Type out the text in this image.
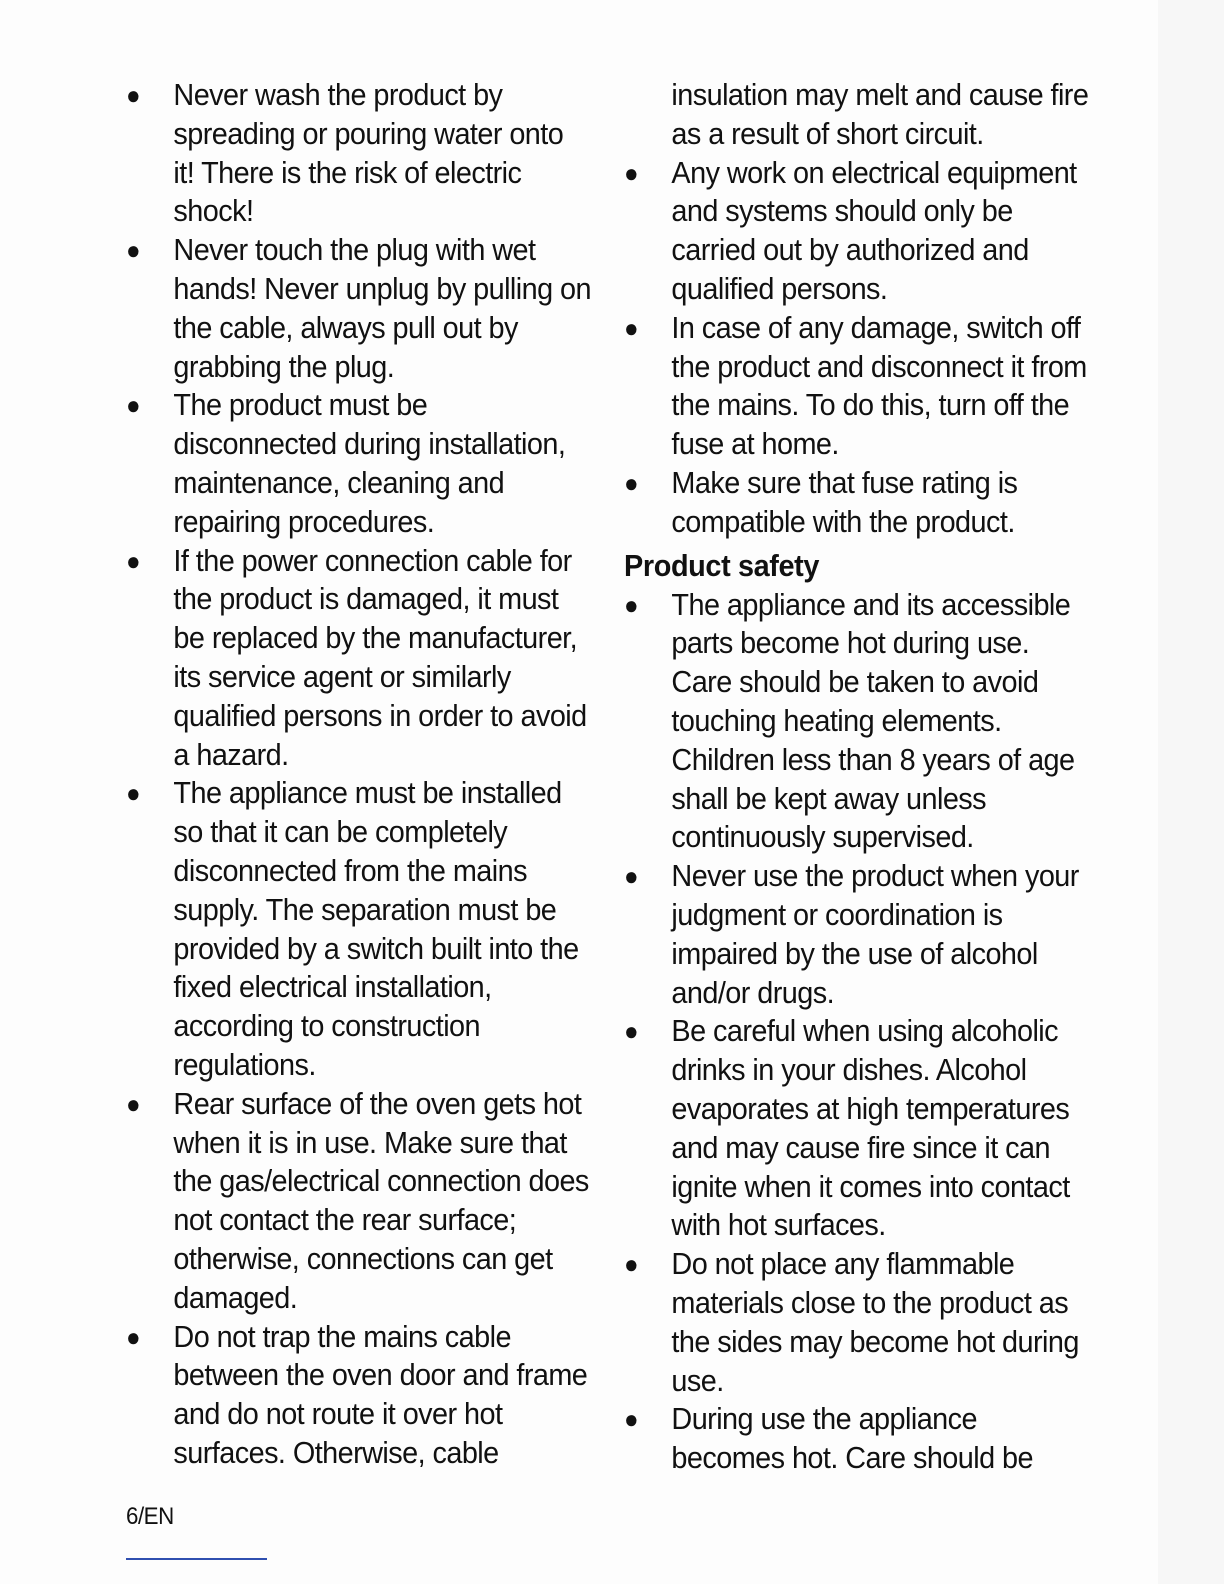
●	Never wash the product by spreading or pouring water onto it! There is the risk of electric shock!
●	Never touch the plug with wet hands! Never unplug by pulling on the cable, always pull out by grabbing the plug.
●	The product must be disconnected during installation, maintenance, cleaning and repairing procedures.
●	If the power connection cable for the product is damaged, it must be replaced by the manufacturer, its service agent or similarly qualified persons in order to avoid a hazard.
●	The appliance must be installed so that it can be completely disconnected from the mains supply. The separation must be provided by a switch built into the fixed electrical installation, according to construction regulations.
●	Rear surface of the oven gets hot when it is in use. Make sure that the gas/electrical connection does not contact the rear surface; otherwise, connections can get damaged.
●	Do not trap the mains cable between the oven door and frame and do not route it over hot surfaces. Otherwise, cable
insulation may melt and cause fire as a result of short circuit.
●	Any work on electrical equipment and systems should only be carried out by authorized and qualified persons.
●	In case of any damage, switch off the product and disconnect it from the mains. To do this, turn off the fuse at home.
●	Make sure that fuse rating is compatible with the product.
Product safety
●	The appliance and its accessible parts become hot during use. Care should be taken to avoid touching heating elements. Children less than 8 years of age shall be kept away unless continuously supervised.
●	Never use the product when your judgment or coordination is impaired by the use of alcohol and/or drugs.
●	Be careful when using alcoholic drinks in your dishes. Alcohol evaporates at high temperatures and may cause fire since it can ignite when it comes into contact with hot surfaces.
●	Do not place any flammable materials close to the product as the sides may become hot during use.
●	During use the appliance becomes hot. Care should be
6/EN
